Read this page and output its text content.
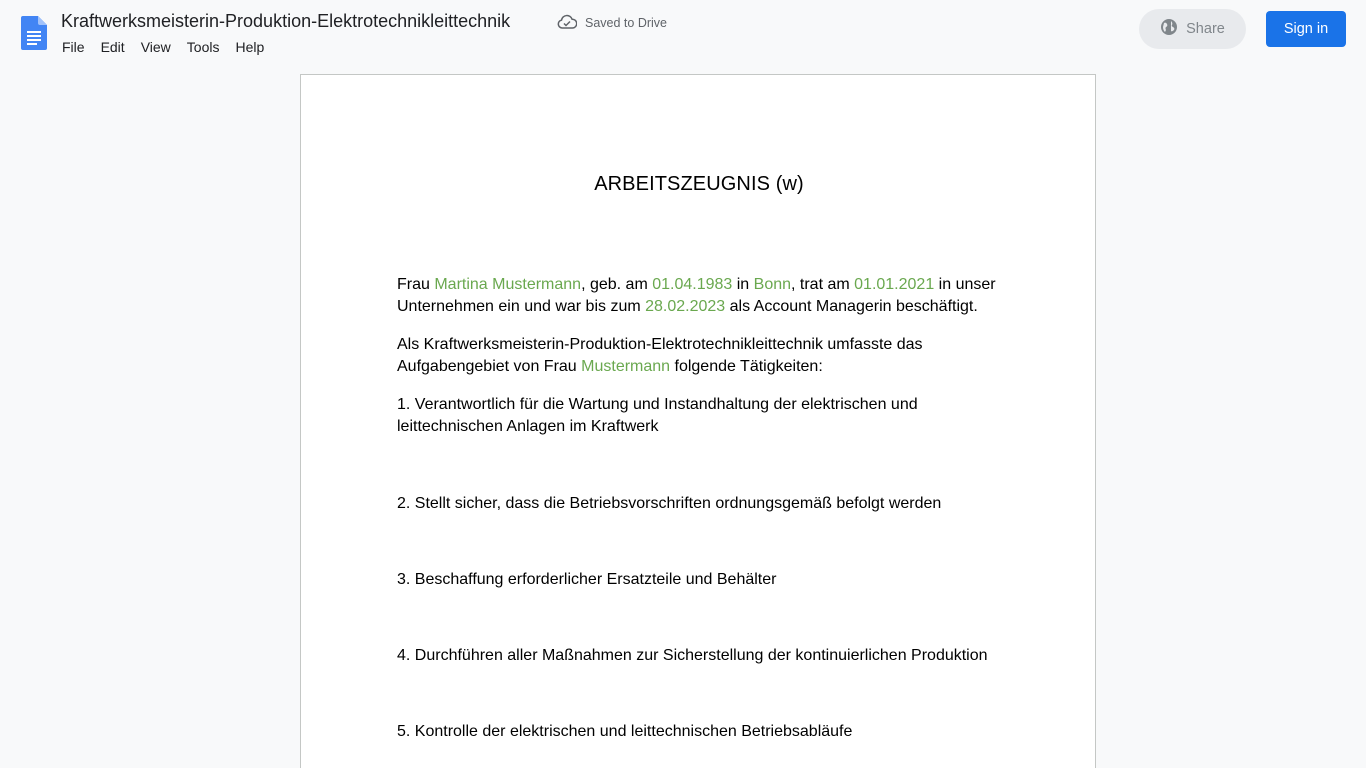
Kraftwerksmeisterin-Produktion-Elektrotechnikleittechnik	Saved to Drive
File	Edit	View	Tools	Help
Share	Sign in
ARBEITSZEUGNIS (w)
Frau Martina Mustermann, geb. am 01.04.1983 in Bonn, trat am 01.01.2021 in unser Unternehmen ein und war bis zum 28.02.2023 als Account Managerin beschäftigt.
Als Kraftwerksmeisterin-Produktion-Elektrotechnikleittechnik umfasste das Aufgabengebiet von Frau Mustermann folgende Tätigkeiten:
1. Verantwortlich für die Wartung und Instandhaltung der elektrischen und leittechnischen Anlagen im Kraftwerk
2. Stellt sicher, dass die Betriebsvorschriften ordnungsgemäß befolgt werden
3. Beschaffung erforderlicher Ersatzteile und Behälter
4. Durchführen aller Maßnahmen zur Sicherstellung der kontinuierlichen Produktion
5. Kontrolle der elektrischen und leittechnischen Betriebsabläufe
